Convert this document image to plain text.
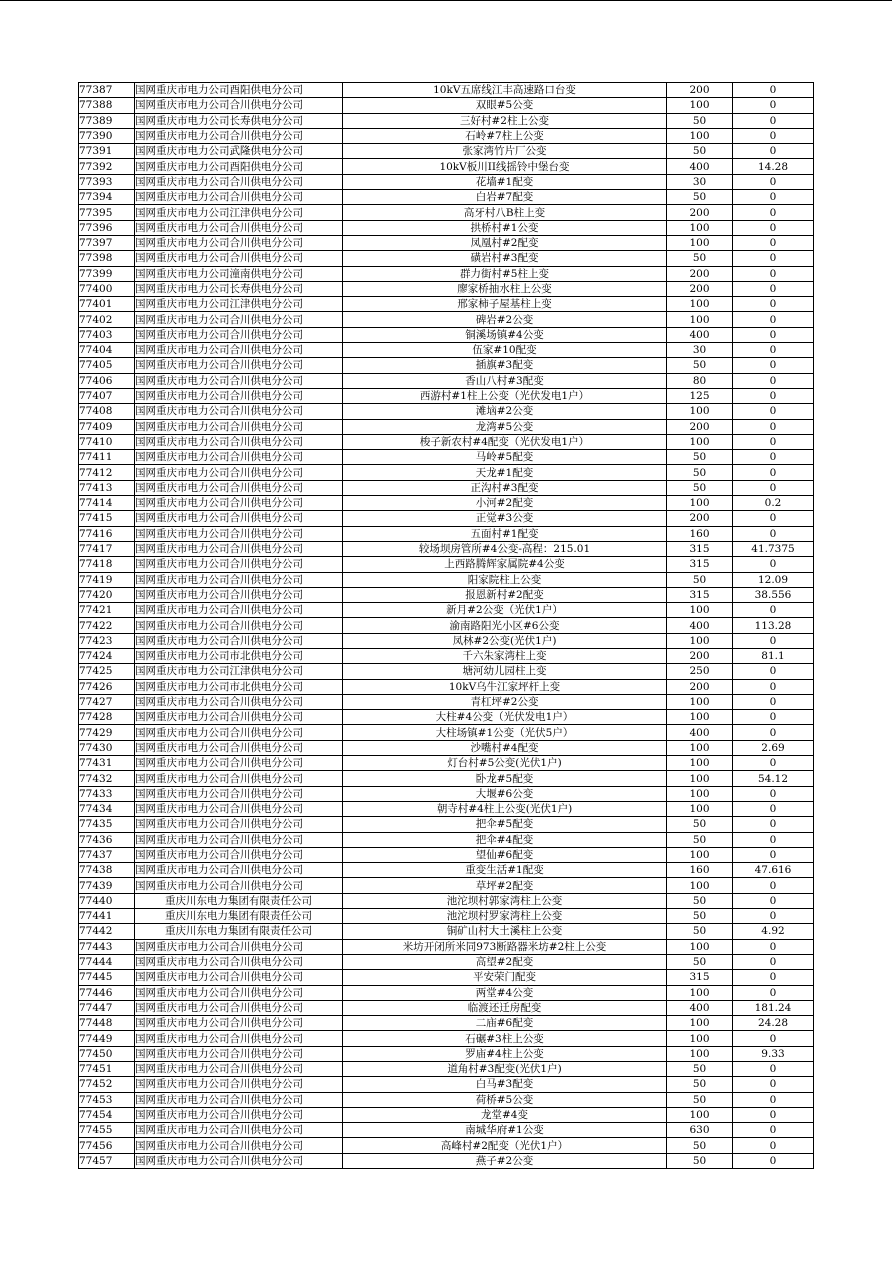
77387	国网重庆市电力公司酉阳供电分公司	10kV五席线江丰高速路口台变	200	0
77388	国网重庆市电力公司合川供电分公司	双眼#5公变	100	0
77389	国网重庆市电力公司长寿供电分公司	三好村#2柱上公变	50	0
77390	国网重庆市电力公司合川供电分公司	石岭#7柱上公变	100	0
77391	国网重庆市电力公司武隆供电分公司	张家湾竹片厂公变	50	0
77392	国网重庆市电力公司酉阳供电分公司	10kV板川II线摇铃中堡台变	400	14.28
77393	国网重庆市电力公司合川供电分公司	花墙#1配变	30	0
77394	国网重庆市电力公司合川供电分公司	白岩#7配变	50	0
77395	国网重庆市电力公司江津供电分公司	高牙村八B柱上变	200	0
77396	国网重庆市电力公司合川供电分公司	拱桥村#1公变	100	0
77397	国网重庆市电力公司合川供电分公司	凤凰村#2配变	100	0
77398	国网重庆市电力公司合川供电分公司	磺岩村#3配变	50	0
77399	国网重庆市电力公司潼南供电分公司	群力街村#5柱上变	200	0
77400	国网重庆市电力公司长寿供电分公司	廖家桥抽水柱上公变	200	0
77401	国网重庆市电力公司江津供电分公司	邢家柿子屋基柱上变	100	0
77402	国网重庆市电力公司合川供电分公司	碑岩#2公变	100	0
77403	国网重庆市电力公司合川供电分公司	铜溪场镇#4公变	400	0
77404	国网重庆市电力公司合川供电分公司	伍家#10配变	30	0
77405	国网重庆市电力公司合川供电分公司	插旗#3配变	50	0
77406	国网重庆市电力公司合川供电分公司	香山八村#3配变	80	0
77407	国网重庆市电力公司合川供电分公司	西游村#1柱上公变（光伏发电1户）	125	0
77408	国网重庆市电力公司合川供电分公司	滩垴#2公变	100	0
77409	国网重庆市电力公司合川供电分公司	龙湾#5公变	200	0
77410	国网重庆市电力公司合川供电分公司	梭子新农村#4配变（光伏发电1户）	100	0
77411	国网重庆市电力公司合川供电分公司	马岭#5配变	50	0
77412	国网重庆市电力公司合川供电分公司	天龙#1配变	50	0
77413	国网重庆市电力公司合川供电分公司	正沟村#3配变	50	0
77414	国网重庆市电力公司合川供电分公司	小河#2配变	100	0.2
77415	国网重庆市电力公司合川供电分公司	正觉#3公变	200	0
77416	国网重庆市电力公司合川供电分公司	五面村#1配变	160	0
77417	国网重庆市电力公司合川供电分公司	较场坝房管所#4公变-高程：215.01	315	41.7375
77418	国网重庆市电力公司合川供电分公司	上西路腾辉家属院#4公变	315	0
77419	国网重庆市电力公司合川供电分公司	阳家院柱上公变	50	12.09
77420	国网重庆市电力公司合川供电分公司	报恩新村#2配变	315	38.556
77421	国网重庆市电力公司合川供电分公司	新月#2公变（光伏1户）	100	0
77422	国网重庆市电力公司合川供电分公司	渝南路阳光小区#6公变	400	113.28
77423	国网重庆市电力公司合川供电分公司	凤林#2公变(光伏1户)	100	0
77424	国网重庆市电力公司市北供电分公司	千六朱家湾柱上变	200	81.1
77425	国网重庆市电力公司江津供电分公司	塘河幼儿园柱上变	250	0
77426	国网重庆市电力公司市北供电分公司	10kV乌牛江家坪杆上变	200	0
77427	国网重庆市电力公司合川供电分公司	青杠坪#2公变	100	0
77428	国网重庆市电力公司合川供电分公司	大柱#4公变（光伏发电1户）	100	0
77429	国网重庆市电力公司合川供电分公司	大柱场镇#1公变（光伏5户）	400	0
77430	国网重庆市电力公司合川供电分公司	沙嘴村#4配变	100	2.69
77431	国网重庆市电力公司合川供电分公司	灯台村#5公变(光伏1户)	100	0
77432	国网重庆市电力公司合川供电分公司	卧龙#5配变	100	54.12
77433	国网重庆市电力公司合川供电分公司	大堰#6公变	100	0
77434	国网重庆市电力公司合川供电分公司	朝寺村#4柱上公变(光伏1户)	100	0
77435	国网重庆市电力公司合川供电分公司	把伞#5配变	50	0
77436	国网重庆市电力公司合川供电分公司	把伞#4配变	50	0
77437	国网重庆市电力公司合川供电分公司	望仙#6配变	100	0
77438	国网重庆市电力公司合川供电分公司	重变生活#1配变	160	47.616
77439	国网重庆市电力公司合川供电分公司	草坪#2配变	100	0
77440	重庆川东电力集团有限责任公司	池沱坝村郭家湾柱上公变	50	0
77441	重庆川东电力集团有限责任公司	池沱坝村罗家湾柱上公变	50	0
77442	重庆川东电力集团有限责任公司	铜矿山村大土溪柱上公变	50	4.92
77443	国网重庆市电力公司合川供电分公司	米坊开闭所米同973断路器米坊#2柱上公变	100	0
77444	国网重庆市电力公司合川供电分公司	高望#2配变	50	0
77445	国网重庆市电力公司合川供电分公司	平安荣门配变	315	0
77446	国网重庆市电力公司合川供电分公司	两堂#4公变	100	0
77447	国网重庆市电力公司合川供电分公司	临渡还迁房配变	400	181.24
77448	国网重庆市电力公司合川供电分公司	二庙#6配变	100	24.28
77449	国网重庆市电力公司合川供电分公司	石碾#3柱上公变	100	0
77450	国网重庆市电力公司合川供电分公司	罗庙#4柱上公变	100	9.33
77451	国网重庆市电力公司合川供电分公司	道角村#3配变(光伏1户)	50	0
77452	国网重庆市电力公司合川供电分公司	白马#3配变	50	0
77453	国网重庆市电力公司合川供电分公司	荷桥#5公变	50	0
77454	国网重庆市电力公司合川供电分公司	龙堂#4变	100	0
77455	国网重庆市电力公司合川供电分公司	南城华府#1公变	630	0
77456	国网重庆市电力公司合川供电分公司	高峰村#2配变（光伏1户）	50	0
77457	国网重庆市电力公司合川供电分公司	燕子#2公变	50	0
